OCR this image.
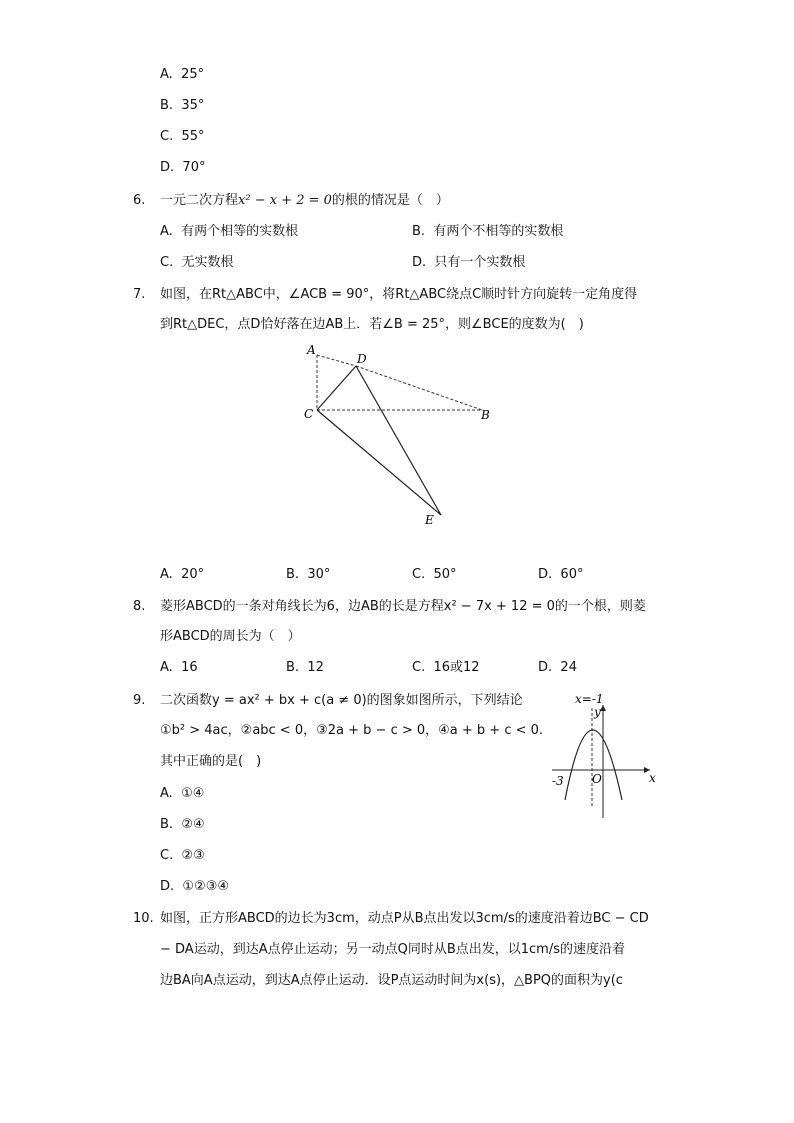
A. 25°
B. 35°
C. 55°
D. 70°
6. 一元二次方程x² − x + 2 = 0的根的情况是（　）
A. 有两个相等的实数根	B. 有两个不相等的实数根
C. 无实数根	D. 只有一个实数根
7. 如图，在Rt△ABC中，∠ACB = 90°，将Rt△ABC绕点C顺时针方向旋转一定角度得
到Rt△DEC，点D恰好落在边AB上．若∠B = 25°，则∠BCE的度数为(　)
A
D
C	B
E
A. 20°	B. 30°	C. 50°	D. 60°
8. 菱形ABCD的一条对角线长为6，边AB的长是方程x² − 7x + 12 = 0的一个根，则菱
形ABCD的周长为（　）
A. 16	B. 12	C. 16或12	D. 24
9. 二次函数y = ax² + bx + c(a ≠ 0)的图象如图所示，下列结论
①b² > 4ac，②abc < 0，③2a + b − c > 0，④a + b + c < 0.
其中正确的是(　)
x=-1
y
x
O
-3
A. ①④
B. ②④
C. ②③
D. ①②③④
10. 如图，正方形ABCD的边长为3cm，动点P从B点出发以3cm/s的速度沿着边BC − CD
− DA运动，到达A点停止运动；另一动点Q同时从B点出发，以1cm/s的速度沿着
边BA向A点运动，到达A点停止运动．设P点运动时间为x(s)，△BPQ的面积为y(c
